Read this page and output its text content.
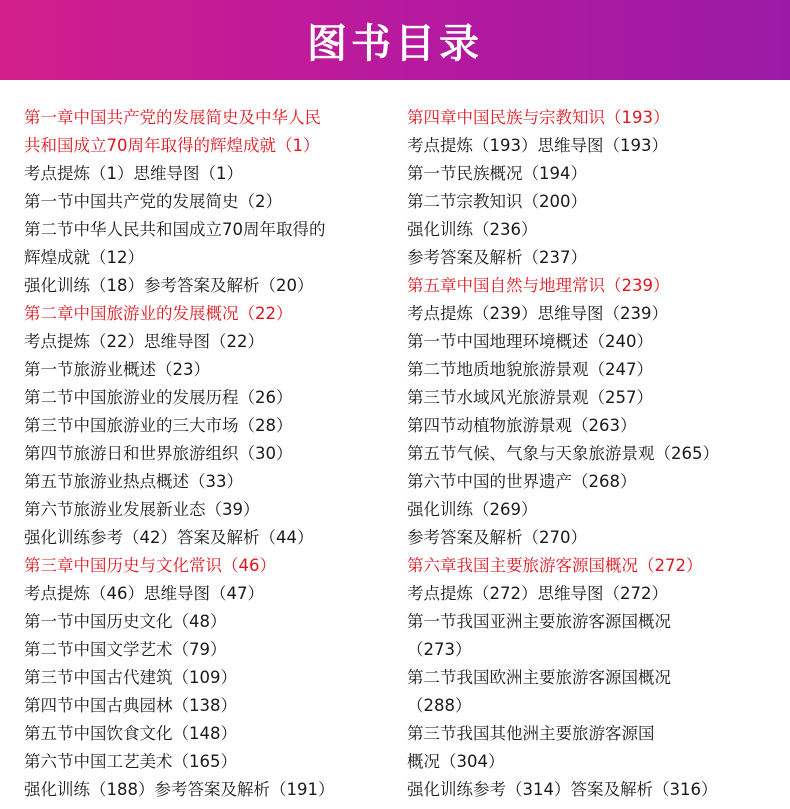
图书目录
第一章中国共产党的发展简史及中华人民
共和国成立70周年取得的辉煌成就（1）
考点提炼（1）思维导图（1）
第一节中国共产党的发展简史（2）
第二节中华人民共和国成立70周年取得的
辉煌成就（12）
强化训练（18）参考答案及解析（20）
第二章中国旅游业的发展概况（22）
考点提炼（22）思维导图（22）
第一节旅游业概述（23）
第二节中国旅游业的发展历程（26）
第三节中国旅游业的三大市场（28）
第四节旅游日和世界旅游组织（30）
第五节旅游业热点概述（33）
第六节旅游业发展新业态（39）
强化训练参考（42）答案及解析（44）
第三章中国历史与文化常识（46）
考点提炼（46）思维导图（47）
第一节中国历史文化（48）
第二节中国文学艺术（79）
第三节中国古代建筑（109）
第四节中国古典园林（138）
第五节中国饮食文化（148）
第六节中国工艺美术（165）
强化训练（188）参考答案及解析（191）
第四章中国民族与宗教知识（193）
考点提炼（193）思维导图（193）
第一节民族概况（194）
第二节宗教知识（200）
强化训练（236）
参考答案及解析（237）
第五章中国自然与地理常识（239）
考点提炼（239）思维导图（239）
第一节中国地理环境概述（240）
第二节地质地貌旅游景观（247）
第三节水域风光旅游景观（257）
第四节动植物旅游景观（263）
第五节气候、气象与天象旅游景观（265）
第六节中国的世界遗产（268）
强化训练（269）
参考答案及解析（270）
第六章我国主要旅游客源国概况（272）
考点提炼（272）思维导图（272）
第一节我国亚洲主要旅游客源国概况
（273）
第二节我国欧洲主要旅游客源国概况
（288）
第三节我国其他洲主要旅游客源国
概况（304）
强化训练参考（314）答案及解析（316）
